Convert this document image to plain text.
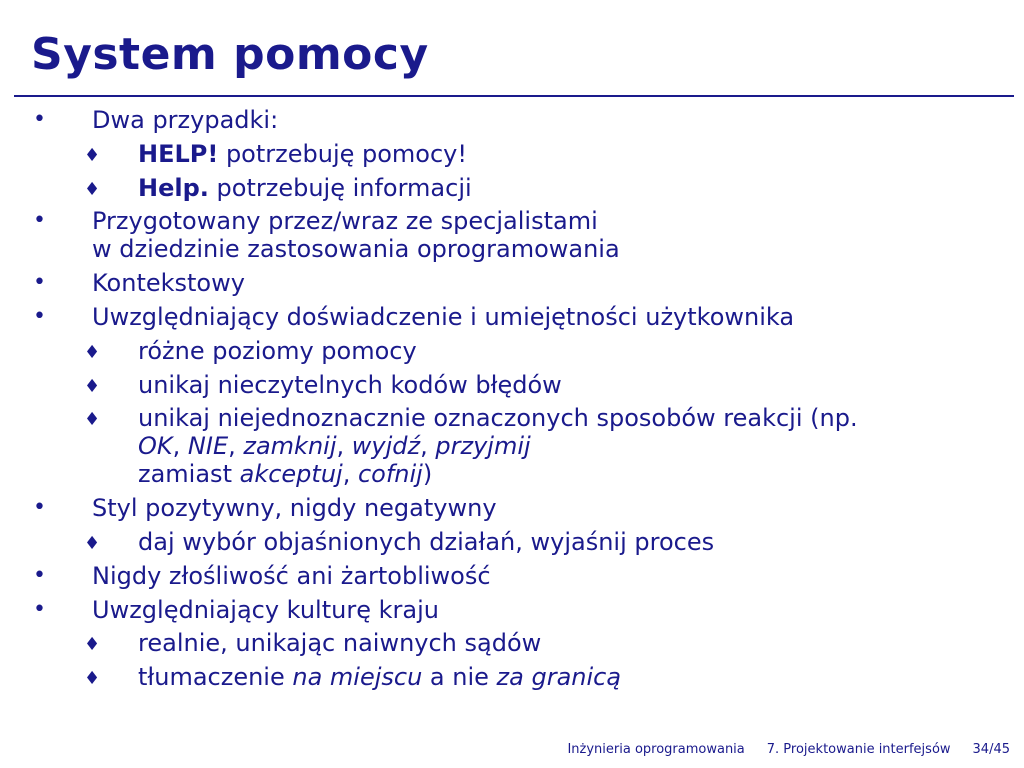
System pomocy
• Dwa przypadki:
♦ HELP! potrzebuję pomocy!
♦ Help. potrzebuję informacji
• Przygotowany przez/wraz ze specjalistami
w dziedzinie zastosowania oprogramowania
• Kontekstowy
• Uwzględniający doświadczenie i umiejętności użytkownika
♦ różne poziomy pomocy
♦ unikaj nieczytelnych kodów błędów
♦ unikaj niejednoznacznie oznaczonych sposobów reakcji (np.
OK, NIE, zamknij, wyjdź, przyjmij
zamiast akceptuj, cofnij)
• Styl pozytywny, nigdy negatywny
♦ daj wybór objaśnionych działań, wyjaśnij proces
• Nigdy złośliwość ani żartobliwość
• Uwzględniający kulturę kraju
♦ realnie, unikając naiwnych sądów
♦ tłumaczenie na miejscu a nie za granicą
Inżynieria oprogramowania 7. Projektowanie interfejsów 34/45
